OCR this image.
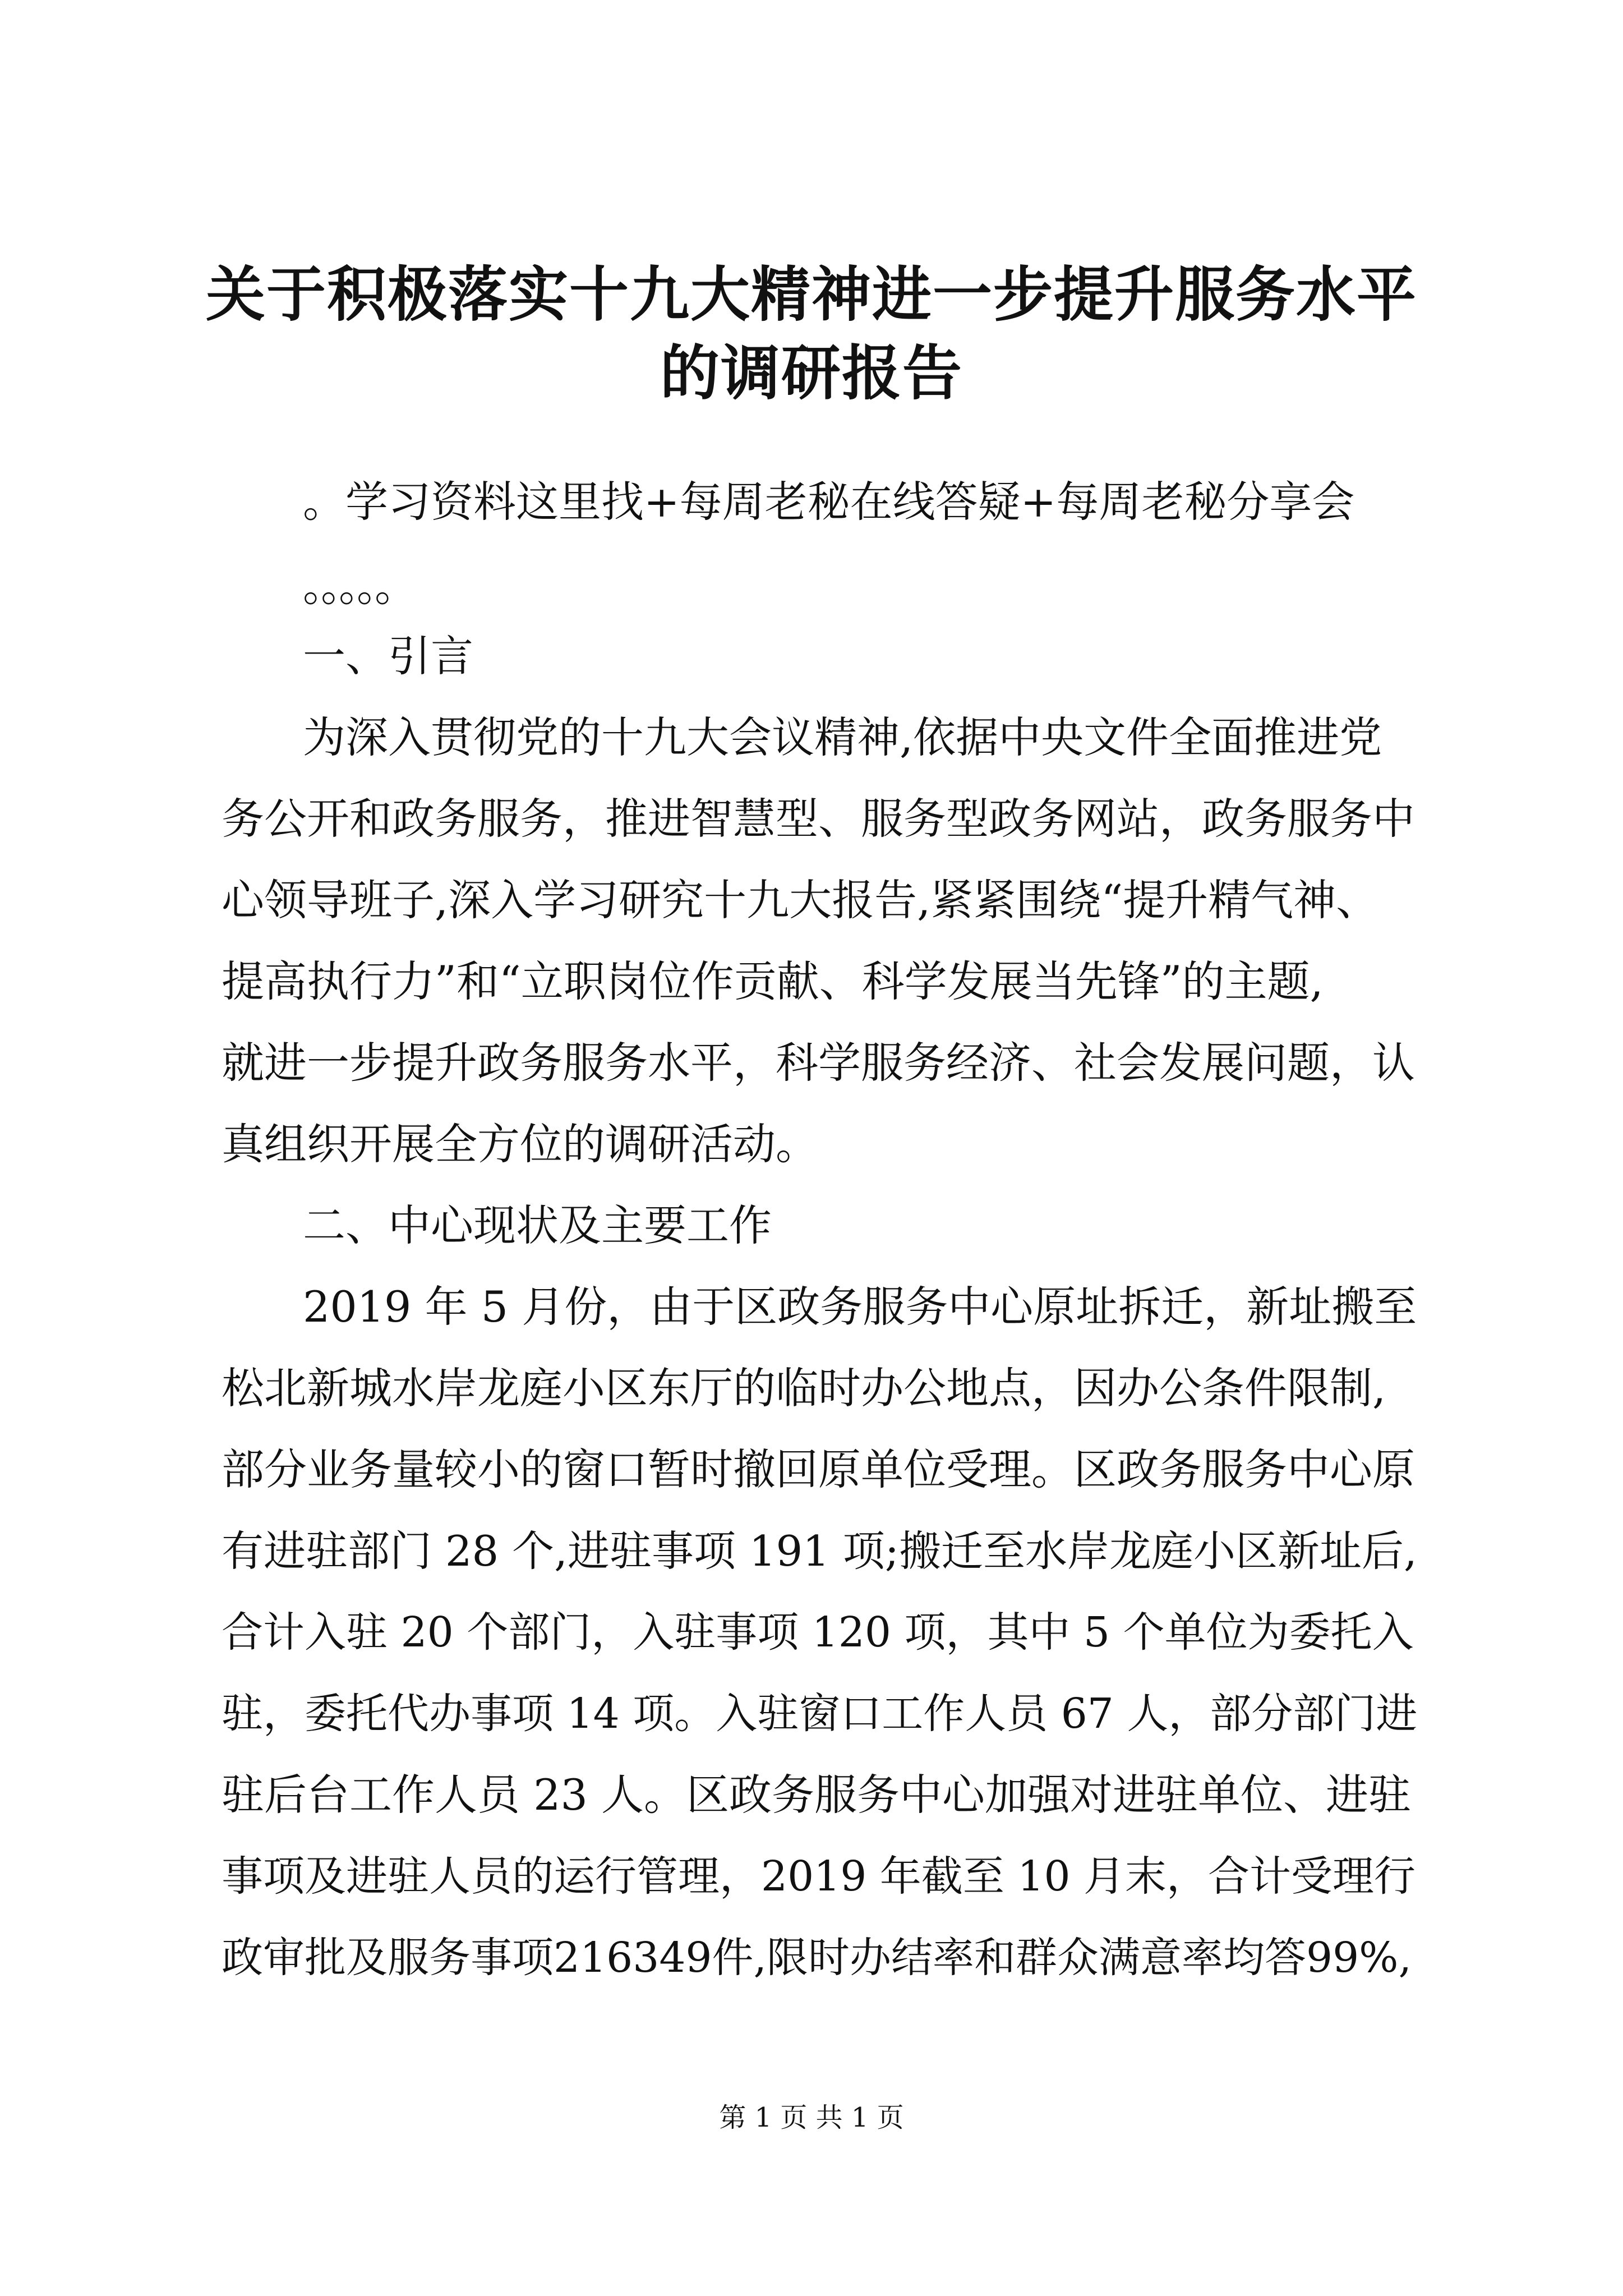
关于积极落实十九大精神进一步提升服务水平
的调研报告
。学习资料这里找+每周老秘在线答疑+每周老秘分享会
。。。。。
一、引言
为深入贯彻党的十九大会议精神,依据中央文件全面推进党
务公开和政务服务，推进智慧型、服务型政务网站，政务服务中
心领导班子,深入学习研究十九大报告,紧紧围绕“提升精气神、
提高执行力”和“立职岗位作贡献、科学发展当先锋”的主题,
就进一步提升政务服务水平，科学服务经济、社会发展问题，认
真组织开展全方位的调研活动。
二、中心现状及主要工作
2019 年 5 月份，由于区政务服务中心原址拆迁，新址搬至
松北新城水岸龙庭小区东厅的临时办公地点，因办公条件限制,
部分业务量较小的窗口暂时撤回原单位受理。区政务服务中心原
有进驻部门 28 个,进驻事项 191 项;搬迁至水岸龙庭小区新址后,
合计入驻 20 个部门，入驻事项 120 项，其中 5 个单位为委托入
驻，委托代办事项 14 项。入驻窗口工作人员 67 人，部分部门进
驻后台工作人员 23 人。区政务服务中心加强对进驻单位、进驻
事项及进驻人员的运行管理，2019 年截至 10 月末，合计受理行
政审批及服务事项216349件,限时办结率和群众满意率均答99%,
第 1 页 共 1 页
